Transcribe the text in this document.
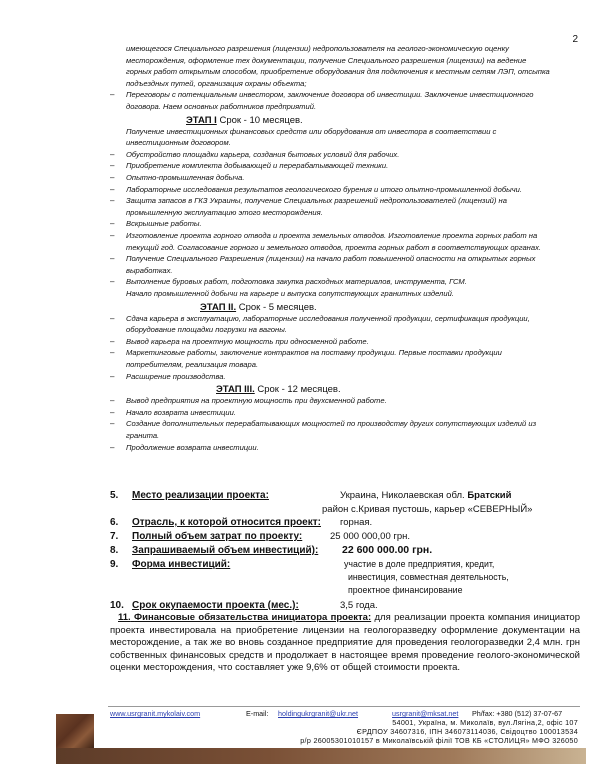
2
имеющегося Специального разрешения (лицензии) недропользователя на геолого-экономическую оценку
месторождения, оформление тех документации, получение Специального разрешения (лицензии) на ведение
горных работ открытым способом, приобретение оборудования для подключения к местным сетям ЛЭП, отсыпка
подъездных путей, организация охраны объекта;
– Переговоры с потенциальным инвестором, заключение договора об инвестиции. Заключение инвестиционного
договора. Наем основных работников предприятий.
ЭТАП I Срок - 10 месяцев.
Получение инвестиционных финансовых средств или оборудования от инвестора в соответствии с
инвестиционным договором.
– Обустройство площадки карьера, создания бытовых условий для рабочих.
– Приобретение комплекта добывающей и перерабатывающей техники.
– Опытно-промышленная добыча.
– Лабораторные исследования результатов геологического бурения и итого опытно-промышленной добычи.
– Защита запасов в ГКЗ Украины, получение Специальных разрешений недропользователей (лицензий) на
промышленную эксплуатацию этого месторождения.
– Вскрышные работы.
– Изготовление проекта горного отвода и проекта земельных отводов. Изготовление проекта горных работ на
текущий год. Согласование горного и земельного отводов, проекта горных работ в соответствующих органах.
– Получение Специального Разрешения (лицензии) на начало работ повышенной опасности на открытых горных
выработках.
– Выполнение буровых работ, подготовка закупка расходных материалов, инструмента, ГСМ.
Начало промышленной добычи на карьере и выпуска сопутствующих гранитных изделий.
ЭТАП II. Срок - 5 месяцев.
– Сдача карьера в эксплуатацию, лабораторные исследования полученной продукции, сертификация продукции,
оборудование площадки погрузки на вагоны.
– Вывод карьера на проектную мощность при односменной работе.
– Маркетинговые работы, заключение контрактов на поставку продукции. Первые поставки продукции
потребителям, реализация товара.
– Расширение производства.
ЭТАП III. Срок - 12 месяцев.
– Вывод предприятия на проектную мощность при двухсменной работе.
– Начало возврата инвестиции.
– Создание дополнительных перерабатывающих мощностей по производству других сопутствующих изделий из
гранита.
– Продолжение возврата инвестиции.
5. Место реализации проекта:	Украина, Николаевская обл. Братский
район с.Кривая пустошь, карьер «СЕВЕРНЫЙ»
6. Отрасль, к которой относится проект: горная.
7. Полный объем затрат по проекту:	25 000 000,00 грн.
8. Запрашиваемый объем инвестиций): 22 600 000.00 грн.
9. Форма инвестиций:	участие в доле предприятия, кредит,
инвестиция, совместная деятельность,
проектное финансирование
10. Срок окупаемости проекта (мес.):	3,5 года.
11. Финансовые обязательства инициатора проекта: для реализации проекта компания инициатор проекта инвестировала на приобретение лицензии на геологоразведку оформление документации на месторождение, а так же во вновь созданное предприятие для проведения геологоразведки 2,4 млн. грн собственных финансовых средств и продолжает в настоящее время проведение геолого-экономической оценки месторождения, что составляет уже 9,6% от общей стоимости проекта.
www.usrgranit.mykolaiv.com	E-mail: holdingukrgranit@ukr.net	usrgranit@mksat.net Ph/fax: +380 (512) 37-07-67
54001, Україна, м. Миколаїв, вул.Лягіна,2, офіс 107
ЄРДПОУ 34607316, ІПН 346073114036, Свідоцтво 100013534
р/р 26005301010157 в Миколаївській філії ТОВ КБ «СТОЛИЦЯ» МФО 326050
